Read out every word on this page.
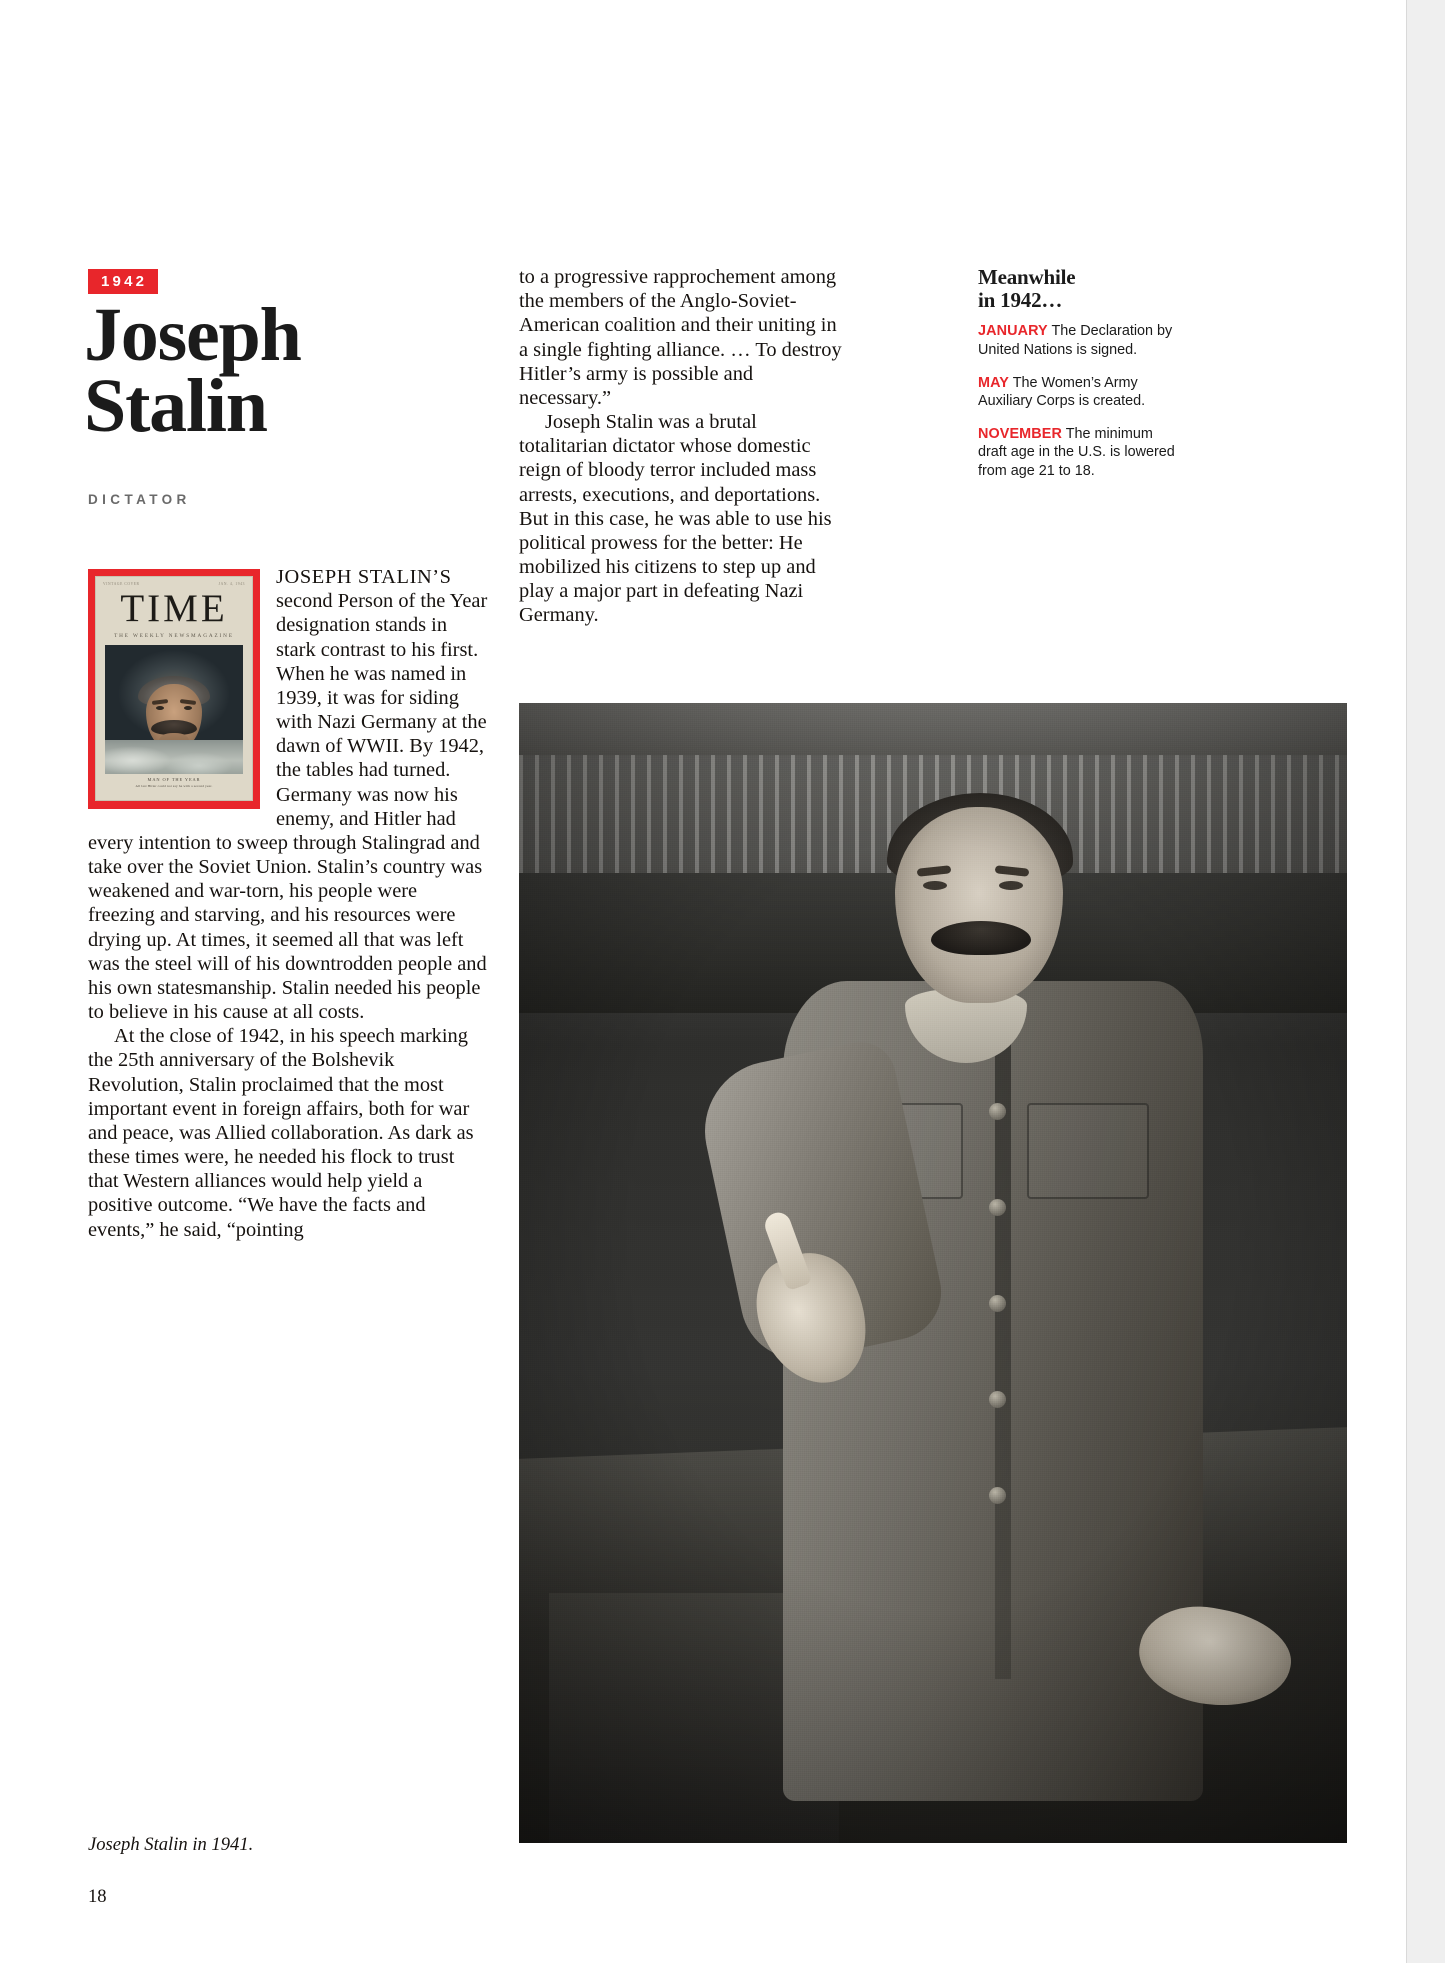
1942
Joseph
Stalin
DICTATOR
VINTAGE COVER	JAN. 4, 1943
TIME
THE WEEKLY NEWSMAGAZINE
MAN OF THE YEAR
All last Hitler could not say he with a second year.

JOSEPH STALIN’S second Person of the Year designation stands in stark contrast to his first. When he was named in 1939, it was for siding with Nazi Germany at the dawn of WWII. By 1942, the tables had turned. Germany was now his enemy, and Hitler had every intention to sweep through Stalingrad and take over the Soviet Union. Stalin’s country was weakened and war-torn, his people were freezing and starving, and his resources were drying up. At times, it seemed all that was left was the steel will of his downtrodden people and his own statesmanship. Stalin needed his people to believe in his cause at all costs.

At the close of 1942, in his speech marking the 25th anniversary of the Bolshevik Revolution, Stalin proclaimed that the most important event in foreign affairs, both for war and peace, was Allied collaboration. As dark as these times were, he needed his flock to trust that Western alliances would help yield a positive outcome. “We have the facts and events,” he said, “pointing

to a progressive rapprochement among the members of the Anglo-Soviet-American coalition and their uniting in a single fighting alliance. … To destroy Hitler’s army is possible and necessary.”

Joseph Stalin was a brutal totalitarian dictator whose domestic reign of bloody terror included mass arrests, executions, and deportations. But in this case, he was able to use his political prowess for the better: He mobilized his citizens to step up and play a major part in defeating Nazi Germany.

Meanwhile
in 1942…
JANUARY The Declaration by United Nations is signed.
MAY The Women’s Army Auxiliary Corps is created.
NOVEMBER The minimum draft age in the U.S. is lowered from age 21 to 18.
Joseph Stalin in 1941.
18
